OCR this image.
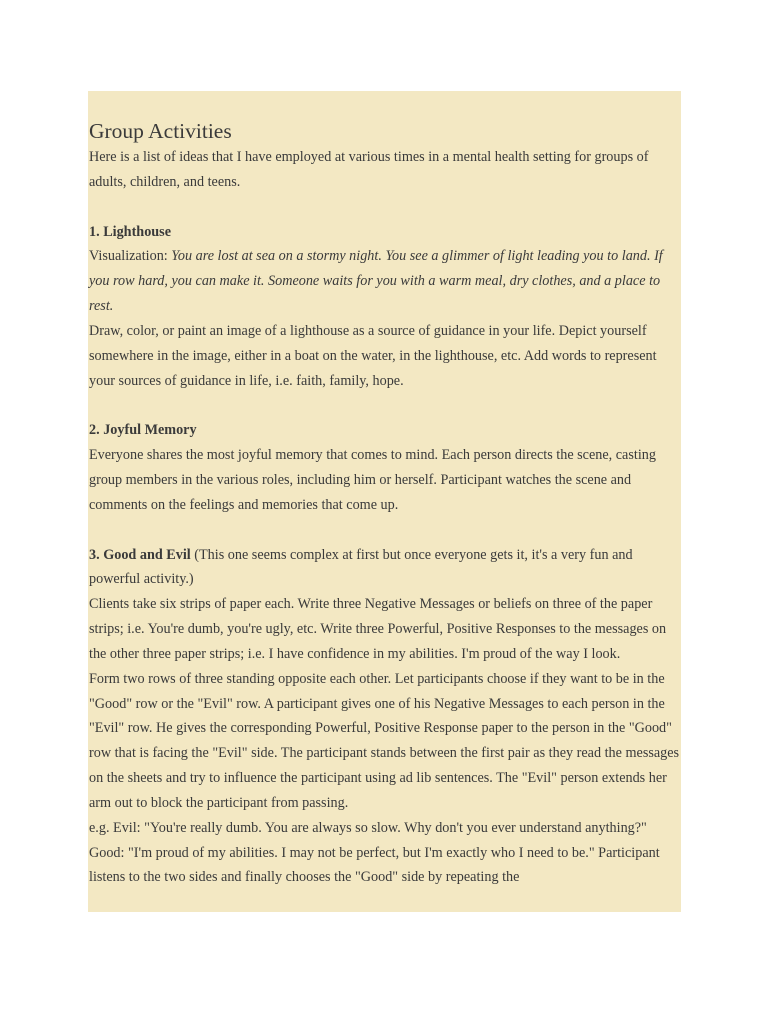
Group Activities

Here is a list of ideas that I have employed at various times in a mental health setting for groups of adults, children, and teens.

1. Lighthouse

Visualization: You are lost at sea on a stormy night. You see a glimmer of light leading you to land. If you row hard, you can make it. Someone waits for you with a warm meal, dry clothes, and a place to rest.

Draw, color, or paint an image of a lighthouse as a source of guidance in your life. Depict yourself somewhere in the image, either in a boat on the water, in the lighthouse, etc. Add words to represent your sources of guidance in life, i.e. faith, family, hope.

2. Joyful Memory

Everyone shares the most joyful memory that comes to mind. Each person directs the scene, casting group members in the various roles, including him or herself. Participant watches the scene and comments on the feelings and memories that come up.

3. Good and Evil (This one seems complex at first but once everyone gets it, it's a very fun and powerful activity.)

Clients take six strips of paper each. Write three Negative Messages or beliefs on three of the paper strips; i.e. You're dumb, you're ugly, etc. Write three Powerful, Positive Responses to the messages on the other three paper strips; i.e. I have confidence in my abilities. I'm proud of the way I look.

Form two rows of three standing opposite each other. Let participants choose if they want to be in the "Good" row or the "Evil" row. A participant gives one of his Negative Messages to each person in the "Evil" row. He gives the corresponding Powerful, Positive Response paper to the person in the "Good" row that is facing the "Evil" side. The participant stands between the first pair as they read the messages on the sheets and try to influence the participant using ad lib sentences. The "Evil" person extends her arm out to block the participant from passing.

e.g. Evil: "You're really dumb. You are always so slow. Why don't you ever understand anything?" Good: "I'm proud of my abilities. I may not be perfect, but I'm exactly who I need to be." Participant listens to the two sides and finally chooses the "Good" side by repeating the
